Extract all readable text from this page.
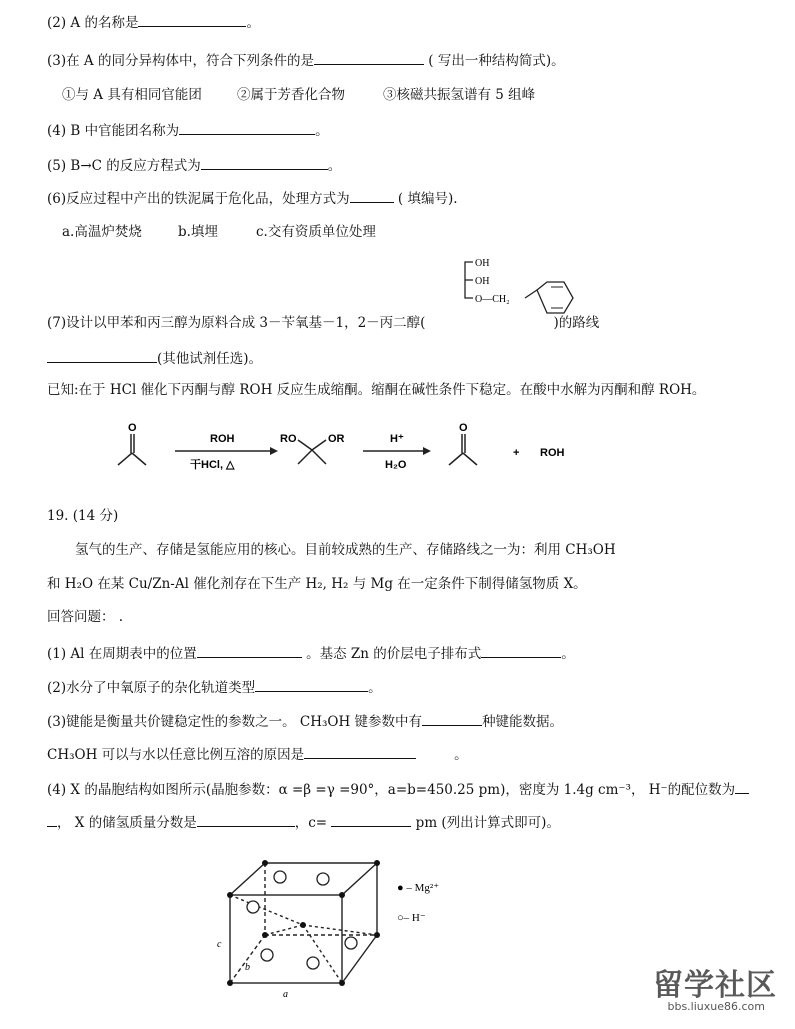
(2) A 的名称是	。
(3)在 A 的同分异构体中，符合下列条件的是	( 写出一种结构简式)。
①与 A 具有相同官能团	②属于芳香化合物	③核磁共振氢谱有 5 组峰
(4) B 中官能团名称为	。
(5) B→C 的反应方程式为	。
(6)反应过程中产出的铁泥属于危化品，处理方式为	( 填编号).
a.高温炉焚烧	b.填埋	c.交有资质单位处理
OH
OH
O—CH₂
(7)设计以甲苯和丙三醇为原料合成 3－苄氧基－1，2－丙二醇(	)的路线
(其他试剂任选)。
已知:在于 HCl 催化下丙酮与醇 ROH 反应生成缩酮。缩酮在碱性条件下稳定。在酸中水解为丙酮和醇 ROH。
O
ROH
干HCl, △
RO	OR	H⁺
H₂O
O
+ ROH
19. (14 分)
氢气的生产、存储是氢能应用的核心。目前较成熟的生产、存储路线之一为：利用 CH₃OH
和 H₂O 在某 Cu/Zn-Al 催化剂存在下生产 H₂, H₂ 与 Mg 在一定条件下制得储氢物质 X。
回答问题： .
(1) Al 在周期表中的位置	。基态 Zn 的价层电子排布式	。
(2)水分了中氧原子的杂化轨道类型	。
(3)键能是衡量共价键稳定性的参数之一。 CH₃OH 键参数中有	种键能数据。
CH₃OH 可以与水以任意比例互溶的原因是	。
(4) X 的晶胞结构如图所示(晶胞参数：α =β =γ =90°，a=b=450.25 pm)，密度为 1.4g cm⁻³， H⁻的配位数为
， X 的储氢质量分数是	，c=	pm (列出计算式即可)。
c
b
a
● – Mg²⁺
○– H⁻
留学社区
bbs.liuxue86.com
